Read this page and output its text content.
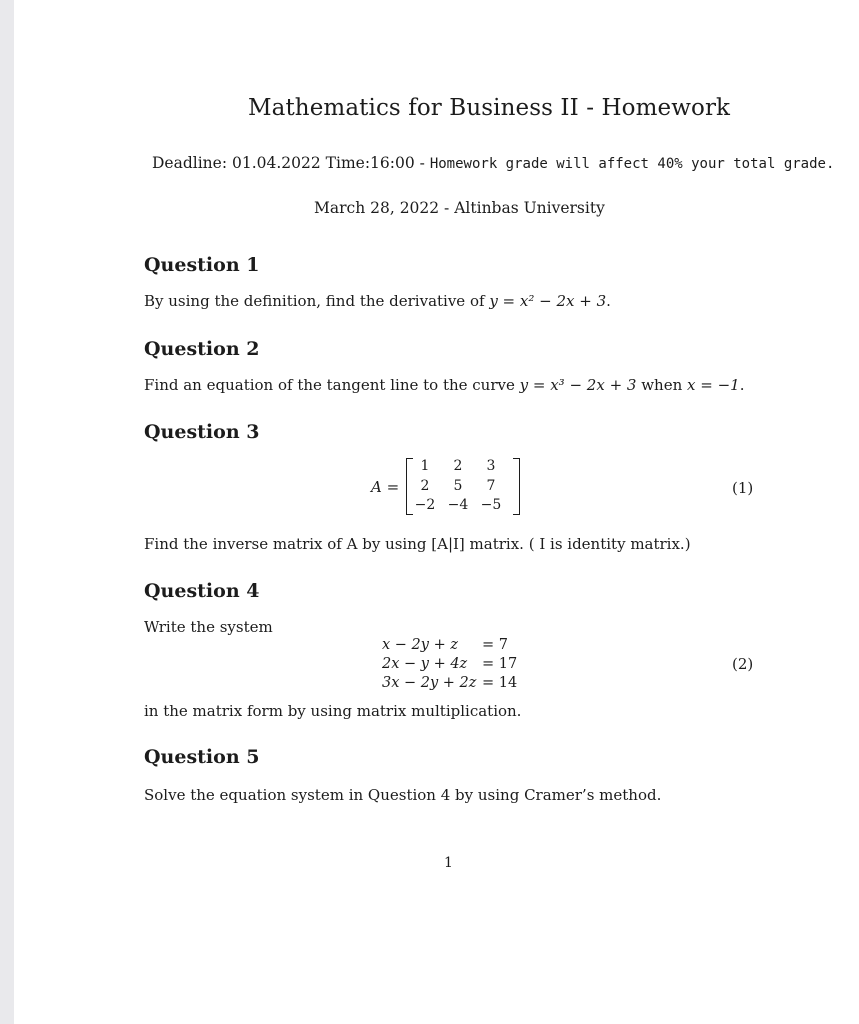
Mathematics for Business II - Homework
Deadline: 01.04.2022 Time:16:00 - Homework grade will affect 40% your total grade.
March 28, 2022 - Altinbas University
Question 1
By using the definition, find the derivative of y = x² − 2x + 3.
Question 2
Find an equation of the tangent line to the curve y = x³ − 2x + 3 when x = −1.
Question 3
A =
1	2	3
2	5	7
−2 −4 −5
(1)
Find the inverse matrix of A by using [A|I] matrix. ( I is identity matrix.)
Question 4
Write the system
x − 2y + z = 7
2x − y + 4z = 17
3x − 2y + 2z = 14
(2)
in the matrix form by using matrix multiplication.
Question 5
Solve the equation system in Question 4 by using Cramer’s method.
1
